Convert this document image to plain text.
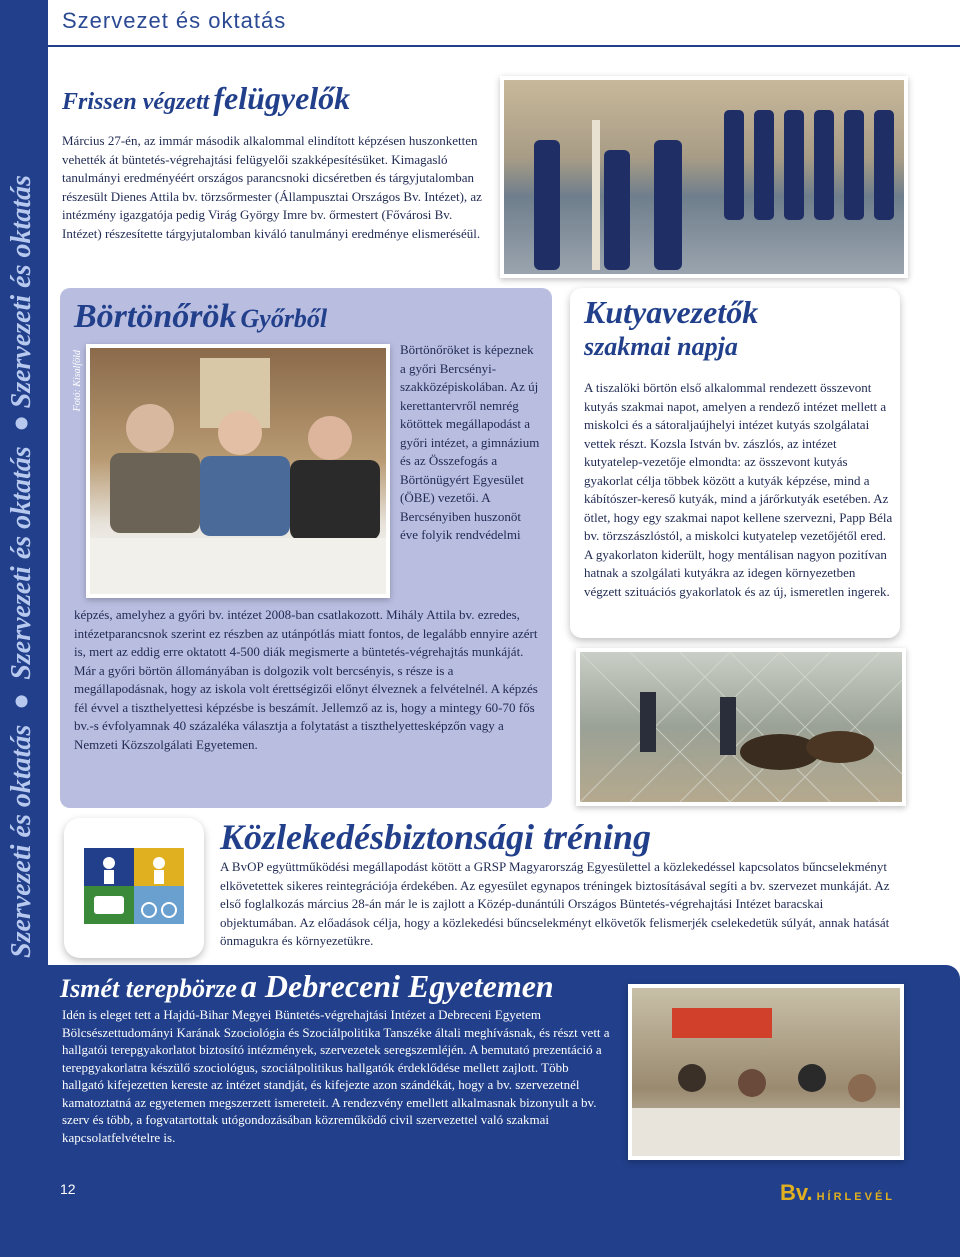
Szervezet és oktatás
Szervezeti és oktatás ● Szervezeti és oktatás ●Szervezeti és oktatás
Frissen végzett felügyelők
Március 27-én, az immár második alkalommal elindított képzésen huszonketten vehették át büntetés-végrehajtási felügyelői szakképesítésüket. Kimagasló tanulmányi eredményéért országos parancsnoki dicséretben és tárgyjutalomban részesült Dienes Attila bv. törzsőrmester (Állampusztai Országos Bv. Intézet), az intézmény igazgatója pedig Virág György Imre bv. őrmestert (Fővárosi Bv. Intézet) részesítette tárgyjutalomban kiváló tanulmányi eredménye elismeréséül.
Börtönőrök Győrből
Fotó: Kisalföld
Börtönőröket is képeznek a győri Bercsényi-szakközépiskolában. Az új kerettantervről nemrég kötöttek megállapodást a győri intézet, a gimnázium és az Összefogás a Börtönügyért Egyesület (ÖBE) vezetői. A Bercsényiben huszonöt éve folyik rendvédelmi
képzés, amelyhez a győri bv. intézet 2008-ban csatlakozott. Mihály Attila bv. ezredes, intézetparancsnok szerint ez részben az utánpótlás miatt fontos, de legalább ennyire azért is, mert az eddig erre oktatott 4-500 diák megismerte a büntetés-végrehajtás munkáját. Már a győri börtön állományában is dolgozik volt bercsényis, s része is a megállapodásnak, hogy az iskola volt érettségizői előnyt élveznek a felvételnél. A képzés fél évvel a tiszthelyettesi képzésbe is beszámít. Jellemző az is, hogy a mintegy 60-70 fős bv.-s évfolyamnak 40 százaléka választja a folytatást a tiszthelyettesképzőn vagy a Nemzeti Közszolgálati Egyetemen.
Kutyavezetők
szakmai napja
A tiszalöki börtön első alkalommal rendezett összevont kutyás szakmai napot, amelyen a rendező intézet mellett a miskolci és a sátoraljaújhelyi intézet kutyás szolgálatai vettek részt. Kozsla István bv. zászlós, az intézet kutyatelep-vezetője elmondta: az összevont kutyás gyakorlat célja többek között a kutyák képzése, mind a kábítószer-kereső kutyák, mind a járőrkutyák esetében. Az ötlet, hogy egy szakmai napot kellene szervezni, Papp Béla bv. törzszászlóstól, a miskolci kutyatelep vezetőjétől ered. A gyakorlaton kiderült, hogy mentálisan nagyon pozitívan hatnak a szolgálati kutyákra az idegen környezetben végzett szituációs gyakorlatok és az új, ismeretlen ingerek.
Közlekedésbiztonsági tréning
A BvOP együttműködési megállapodást kötött a GRSP Magyarország Egyesülettel a közlekedéssel kapcsolatos bűncselekményt elkövetettek sikeres reintegrációja érdekében. Az egyesület egynapos tréningek biztosításával segíti a bv. szervezet munkáját. Az első foglalkozás március 28-án már le is zajlott a Közép-dunántúli Országos Büntetés-végrehajtási Intézet baracskai objektumában. Az előadások célja, hogy a közlekedési bűncselekményt elkövetők felismerjék cselekedetük súlyát, annak hatását önmagukra és környezetükre.
Ismét terepbörze a Debreceni Egyetemen
Idén is eleget tett a Hajdú-Bihar Megyei Büntetés-végrehajtási Intézet a Debreceni Egyetem Bölcsészettudományi Karának Szociológia és Szociálpolitika Tanszéke általi meghívásnak, és részt vett a hallgatói terepgyakorlatot biztosító intézmények, szervezetek seregszemléjén. A bemutató prezentáció a terepgyakorlatra készülő szociológus, szociálpolitikus hallgatók érdeklődése mellett zajlott. Több hallgató kifejezetten kereste az intézet standját, és kifejezte azon szándékát, hogy a bv. szervezetnél kamatoztatná az egyetemen megszerzett ismereteit. A rendezvény emellett alkalmasnak bizonyult a bv. szerv és több, a fogvatartottak utógondozásában közreműködő civil szervezettel való szakmai kapcsolatfelvételre is.
12	Bv. HÍRLEVÉL
